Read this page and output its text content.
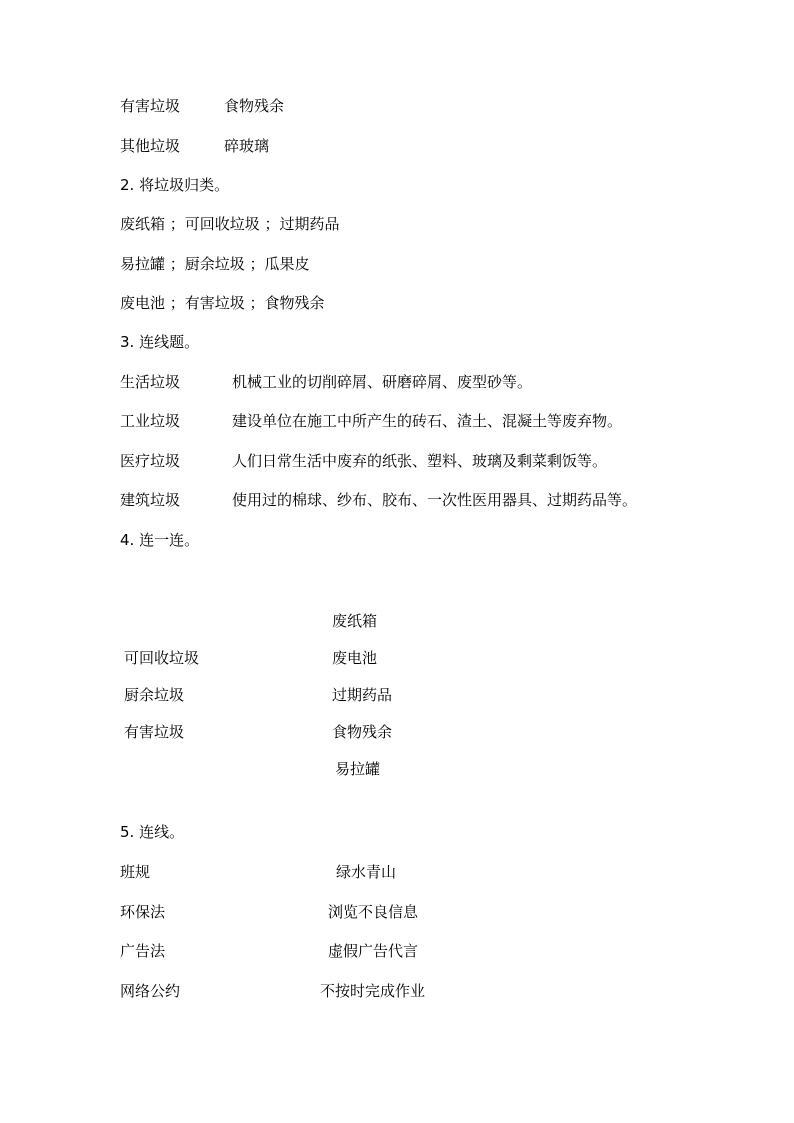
有害垃圾	食物残余
其他垃圾	碎玻璃
2. 将垃圾归类。
废纸箱 ；可回收垃圾 ；过期药品
易拉罐 ；厨余垃圾 ；瓜果皮
废电池 ；有害垃圾 ；食物残余
3. 连线题。
生活垃圾	机械工业的切削碎屑、研磨碎屑、废型砂等。
工业垃圾	建设单位在施工中所产生的砖石、渣土、混凝土等废弃物。
医疗垃圾	人们日常生活中废弃的纸张、塑料、玻璃及剩菜剩饭等。
建筑垃圾	使用过的棉球、纱布、胶布、一次性医用器具、过期药品等。
4. 连一连。
废纸箱
可回收垃圾	废电池
厨余垃圾	过期药品
有害垃圾	食物残余
易拉罐
5. 连线。
班规	绿水青山
环保法	浏览不良信息
广告法	虚假广告代言
网络公约	不按时完成作业
